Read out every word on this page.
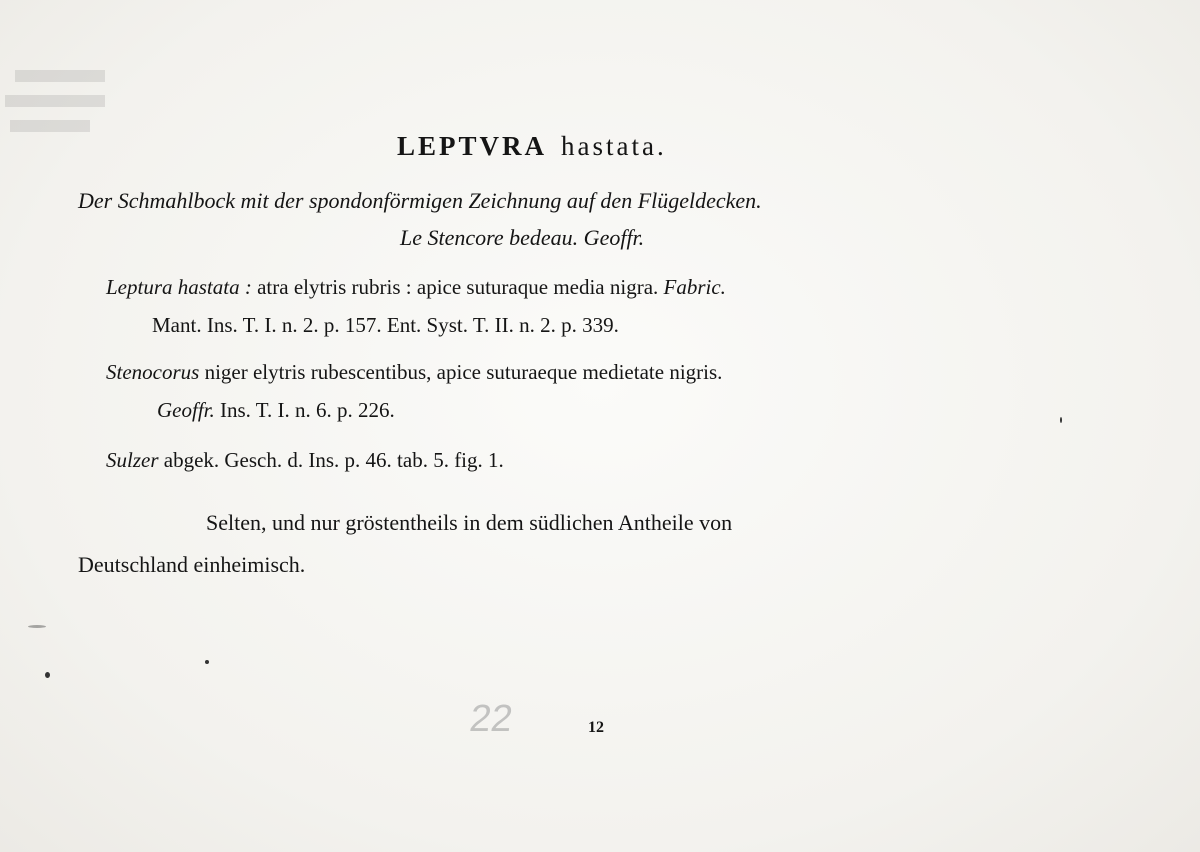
LEPTVRA hastata.
Der Schmahlbock mit der spondonförmigen Zeichnung auf den Flügeldecken.
Le Stencore bedeau. Geoffr.
Leptura hastata : atra elytris rubris : apice suturaque media nigra. Fabric.
Mant. Ins. T. I. n. 2. p. 157. Ent. Syst. T. II. n. 2. p. 339.
Stenocorus niger elytris rubescentibus, apice suturaeque medietate nigris.
Geoffr. Ins. T. I. n. 6. p. 226.
Sulzer abgek. Gesch. d. Ins. p. 46. tab. 5. fig. 1.
Selten, und nur gröstentheils in dem südlichen Antheile von
Deutschland einheimisch.
22	12
